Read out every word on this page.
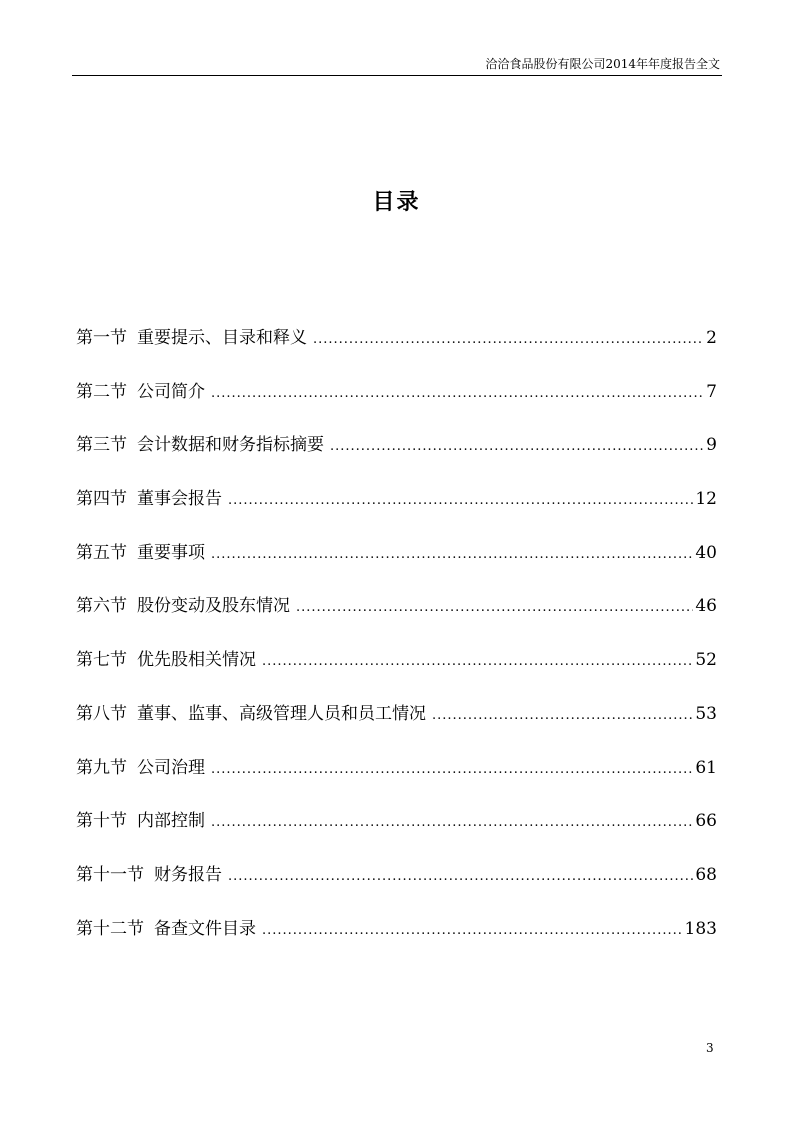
洽洽食品股份有限公司2014年年度报告全文
目录
第一节 重要提示、目录和释义 .....	2
第二节 公司简介 .....	7
第三节 会计数据和财务指标摘要 .....	9
第四节 董事会报告 .....	12
第五节 重要事项 .....	40
第六节 股份变动及股东情况 .....	46
第七节 优先股相关情况 .....	52
第八节 董事、监事、高级管理人员和员工情况 .....	53
第九节 公司治理 .....	61
第十节 内部控制 .....	66
第十一节 财务报告 .....	68
第十二节 备查文件目录 .....	183
3
